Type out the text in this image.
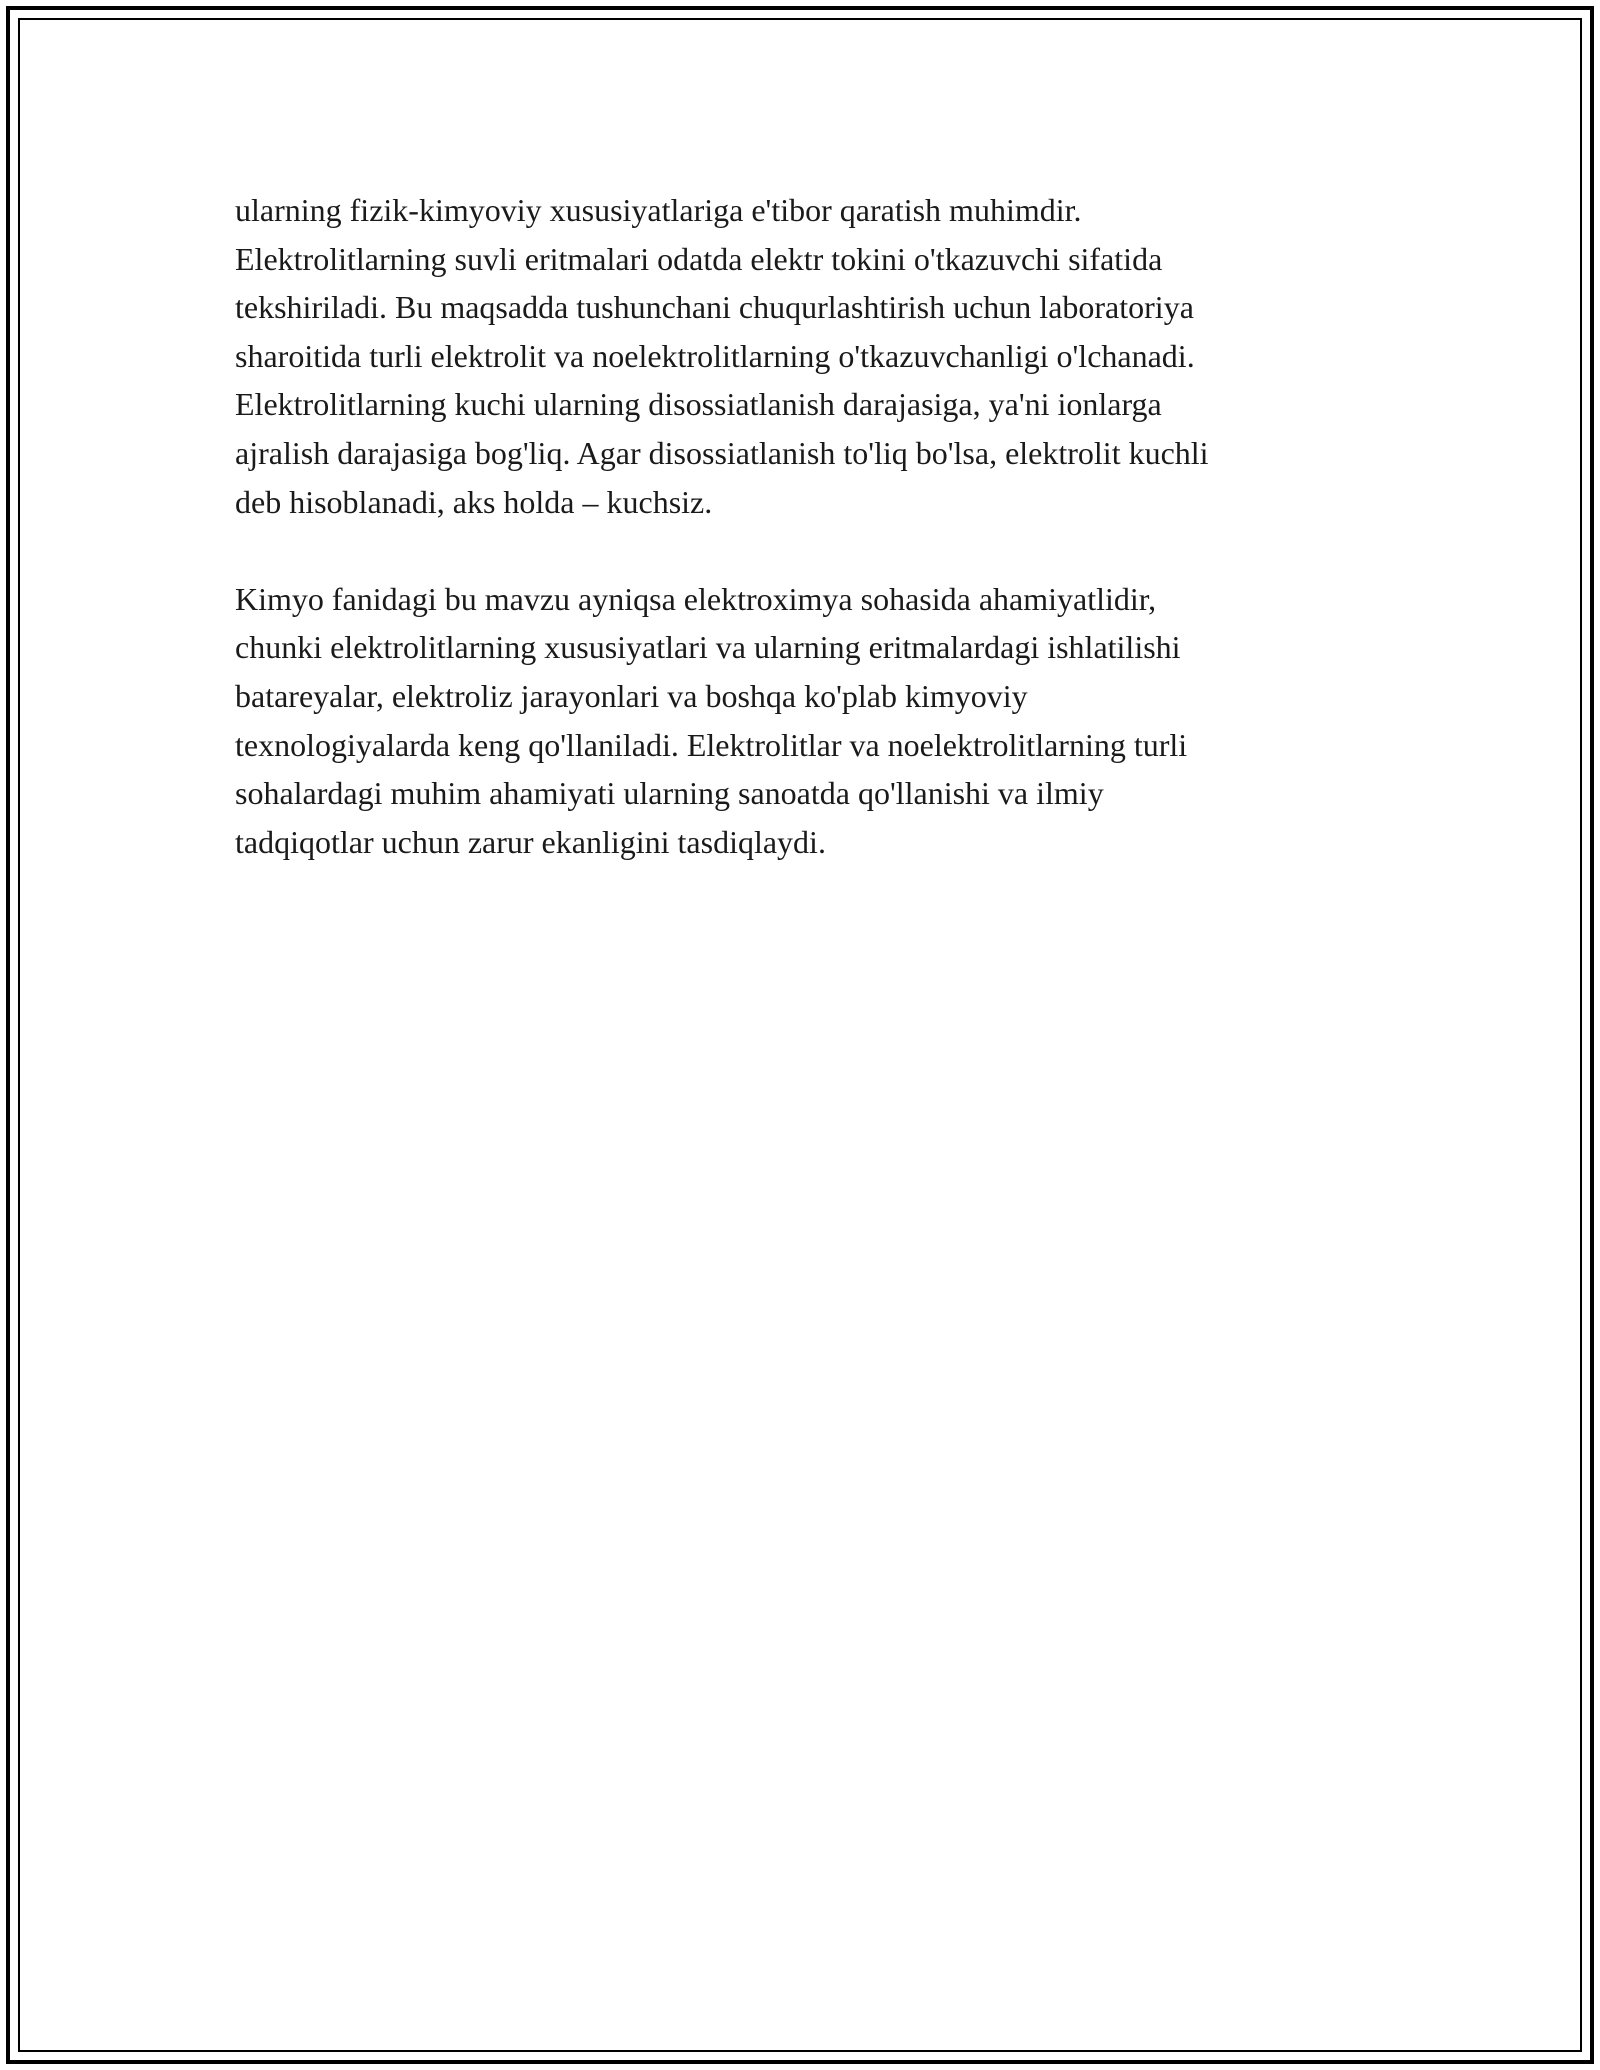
ularning fizik-kimyoviy xususiyatlariga e'tibor qaratish muhimdir.
Elektrolitlarning suvli eritmalari odatda elektr tokini o'tkazuvchi sifatida
tekshiriladi. Bu maqsadda tushunchani chuqurlashtirish uchun laboratoriya
sharoitida turli elektrolit va noelektrolitlarning o'tkazuvchanligi o'lchanadi.
Elektrolitlarning kuchi ularning disossiatlanish darajasiga, ya'ni ionlarga
ajralish darajasiga bog'liq. Agar disossiatlanish to'liq bo'lsa, elektrolit kuchli
deb hisoblanadi, aks holda – kuchsiz.

Kimyo fanidagi bu mavzu ayniqsa elektroximya sohasida ahamiyatlidir,
chunki elektrolitlarning xususiyatlari va ularning eritmalardagi ishlatilishi
batareyalar, elektroliz jarayonlari va boshqa ko'plab kimyoviy
texnologiyalarda keng qo'llaniladi. Elektrolitlar va noelektrolitlarning turli
sohalardagi muhim ahamiyati ularning sanoatda qo'llanishi va ilmiy
tadqiqotlar uchun zarur ekanligini tasdiqlaydi.
